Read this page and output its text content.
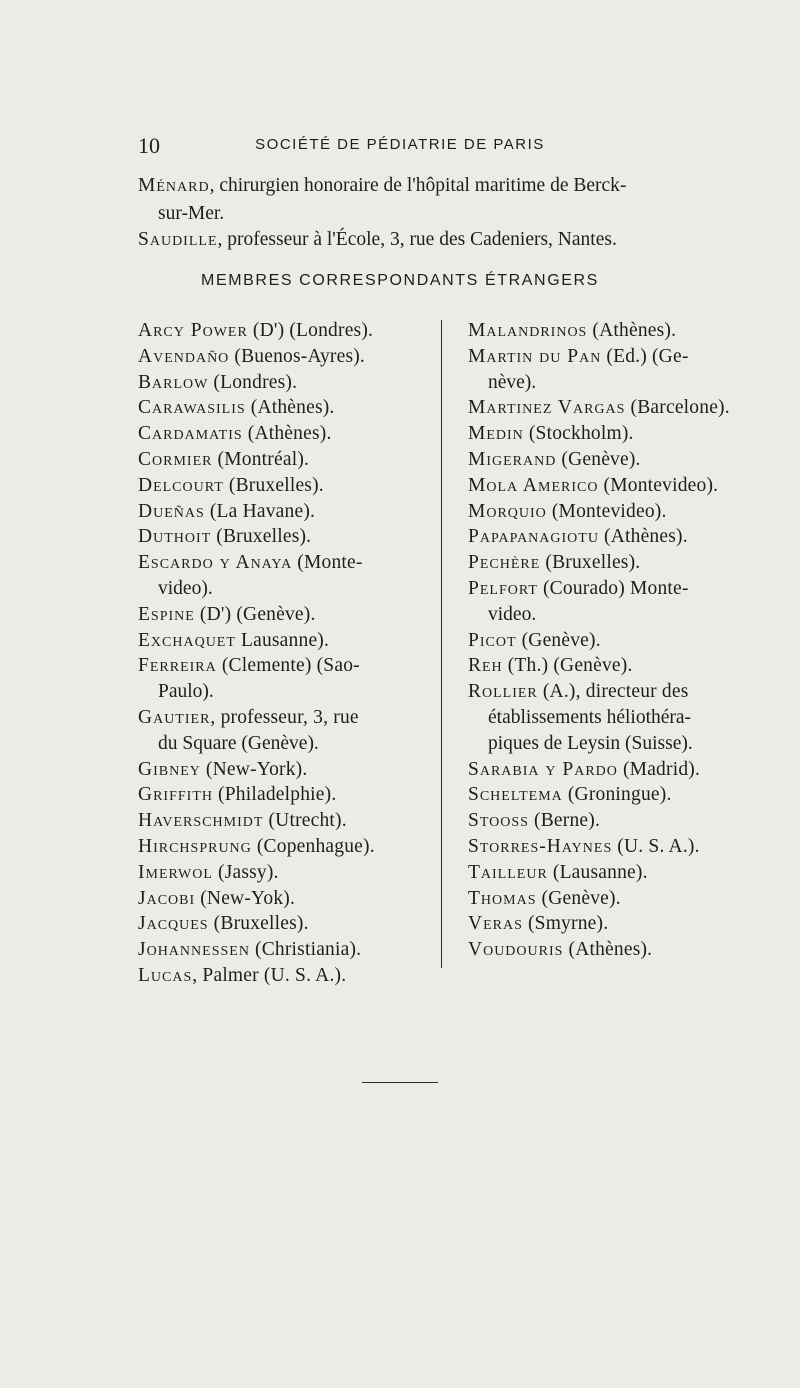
10	SOCIÉTÉ DE PÉDIATRIE DE PARIS
Ménard, chirurgien honoraire de l'hôpital maritime de Berck-
sur-Mer.
Saudille, professeur à l'École, 3, rue des Cadeniers, Nantes.
MEMBRES CORRESPONDANTS ÉTRANGERS
Arcy Power (D') (Londres).
Avendaño (Buenos-Ayres).
Barlow (Londres).
Carawasilis (Athènes).
Cardamatis (Athènes).
Cormier (Montréal).
Delcourt (Bruxelles).
Dueñas (La Havane).
Duthoit (Bruxelles).
Escardo y Anaya (Monte-
video).
Espine (D') (Genève).
Exchaquet Lausanne).
Ferreira (Clemente) (Sao-
Paulo).
Gautier, professeur, 3, rue
du Square (Genève).
Gibney (New-York).
Griffith (Philadelphie).
Haverschmidt (Utrecht).
Hirchsprung (Copenhague).
Imerwol (Jassy).
Jacobi (New-Yok).
Jacques (Bruxelles).
Johannessen (Christiania).
Lucas, Palmer (U. S. A.).
Malandrinos (Athènes).
Martin du Pan (Ed.) (Ge-
nève).
Martinez Vargas (Barcelone).
Medin (Stockholm).
Migerand (Genève).
Mola Americo (Montevideo).
Morquio (Montevideo).
Papapanagiotu (Athènes).
Pechère (Bruxelles).
Pelfort (Courado) Monte-
video.
Picot (Genève).
Reh (Th.) (Genève).
Rollier (A.), directeur des
établissements héliothéra-
piques de Leysin (Suisse).
Sarabia y Pardo (Madrid).
Scheltema (Groningue).
Stooss (Berne).
Storres-Haynes (U. S. A.).
Tailleur (Lausanne).
Thomas (Genève).
Veras (Smyrne).
Voudouris (Athènes).
